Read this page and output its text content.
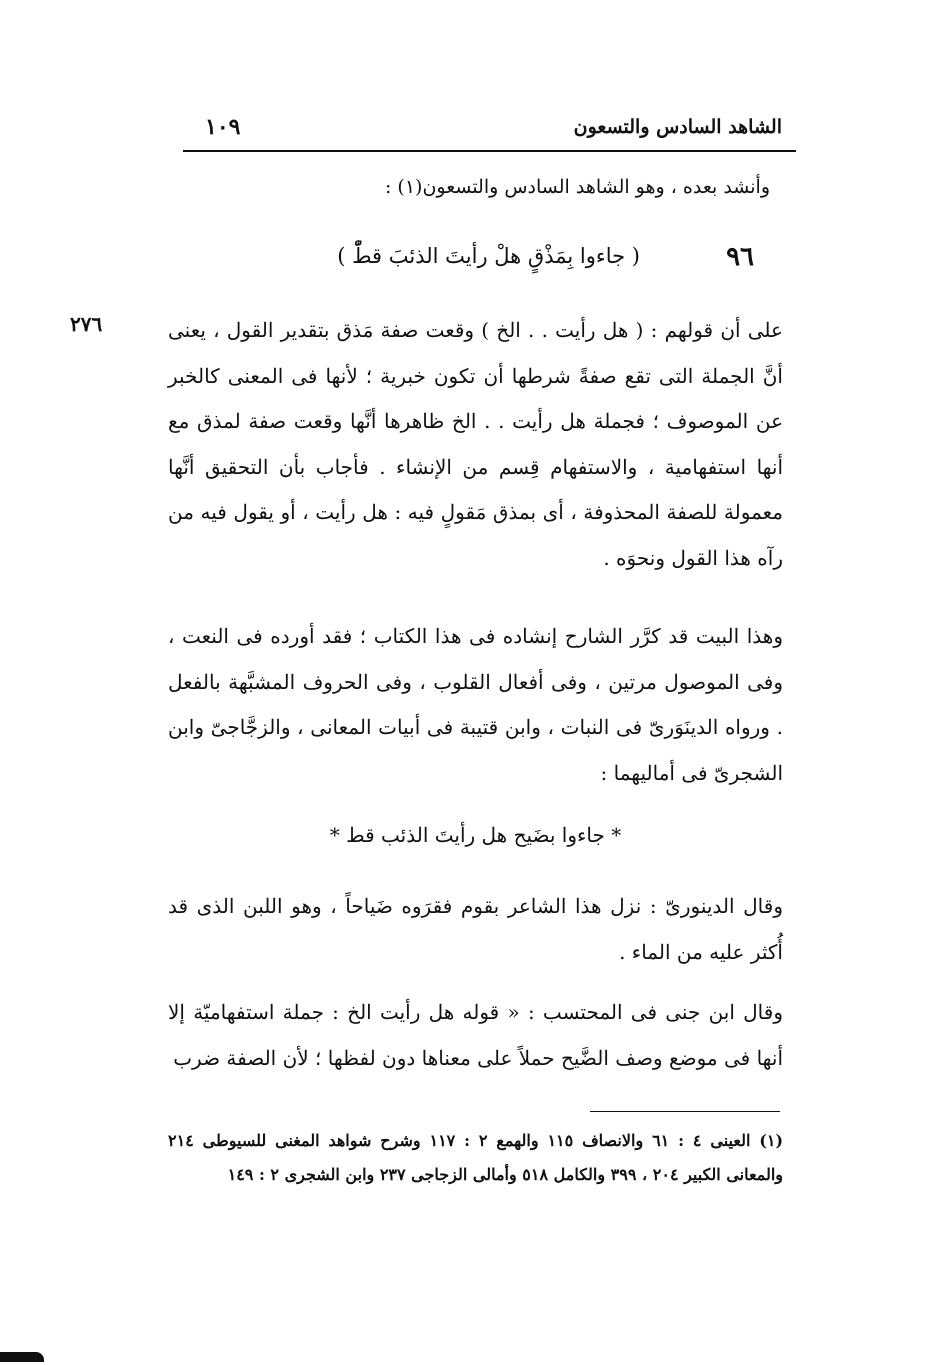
الشاهد السادس والتسعون
١٠٩
وأنشد بعده ، وهو الشاهد السادس والتسعون(١) :
٩٦
( جاءوا بِمَذْقٍ هلْ رأيتَ الذئبَ قطّْ )
٢٧٦	على أن قولهم : ( هل رأيت . . الخ ) وقعت صفة مَذق بتقدير القول ، يعنى أنَّ الجملة التى تقع صفةً شرطها أن تكون خبرية ؛ لأنها فى المعنى كالخبر عن الموصوف ؛ فجملة هل رأيت . . الخ ظاهرها أنَّها وقعت صفة لمذق مع أنها استفهامية ، والاستفهام قِسم من الإنشاء . فأجاب بأن التحقيق أنَّها معمولة للصفة المحذوفة ، أى بمذق مَقولٍ فيه : هل رأيت ، أو يقول فيه من رآه هذا القول ونحوَه .
وهذا البيت قد كرَّر الشارح إنشاده فى هذا الكتاب ؛ فقد أورده فى النعت ، وفى الموصول مرتين ، وفى أفعال القلوب ، وفى الحروف المشبَّهة بالفعل . ورواه الدينَوَرىّ فى النبات ، وابن قتيبة فى أبيات المعانى ، والزجَّاجىّ وابن الشجرىّ فى أماليهما :
* جاءوا بضَيح هل رأيتَ الذئب قط *
وقال الدينورىّ : نزل هذا الشاعر بقوم فقرَوه ضَياحاً ، وهو اللبن الذى قد أُكثر عليه من الماء .
وقال ابن جنى فى المحتسب : « قوله هل رأيت الخ : جملة استفهاميّة إلا أنها فى موضع وصف الضَّيح حملاً على معناها دون لفظها ؛ لأن الصفة ضرب
(١) العينى ٤ : ٦١ والانصاف ١١٥ والهمع ٢ : ١١٧ وشرح شواهد المغنى للسيوطى ٢١٤ والمعانى الكبير ٢٠٤ ، ٣٩٩ والكامل ٥١٨ وأمالى الزجاجى ٢٣٧ وابن الشجرى ٢ : ١٤٩
